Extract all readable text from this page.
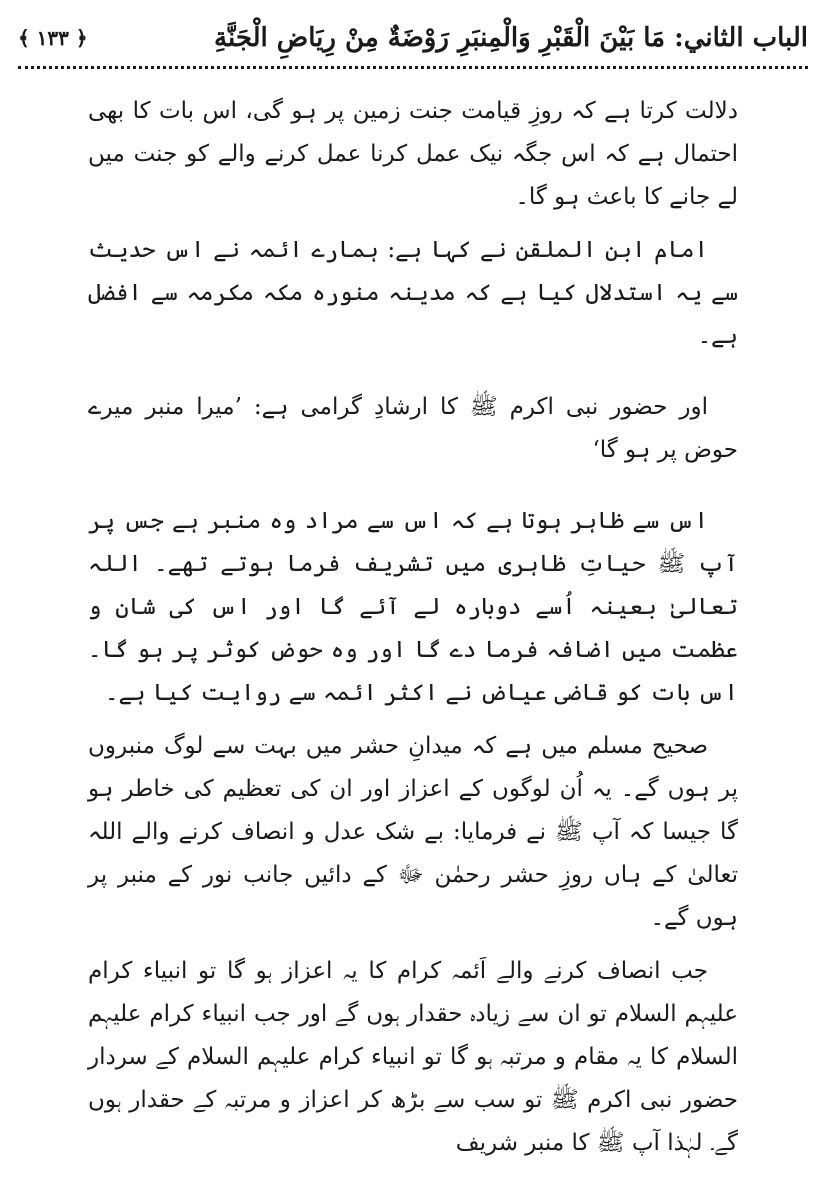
الباب الثاني: مَا بَيْنَ الْقَبْرِ وَالْمِنبَرِ رَوْضَةٌ مِنْ رِيَاضِ الْجَنَّةِ
﴾ ۱۳۳ ﴿

دلالت کرتا ہے کہ روزِ قیامت جنت زمین پر ہو گی، اس بات کا بھی احتمال ہے کہ اس جگہ نیک عمل کرنا عمل کرنے والے کو جنت میں لے جانے کا باعث ہو گا۔

امام ابن الملقن نے کہا ہے: ہمارے ائمہ نے اس حدیث سے یہ استدلال کیا ہے کہ مدینہ منورہ مکہ مکرمہ سے افضل ہے۔

اور حضور نبی اکرم ﷺ کا ارشادِ گرامی ہے: ’میرا منبر میرے حوض پر ہو گا‘

اس سے ظاہر ہوتا ہے کہ اس سے مراد وہ منبر ہے جس پر آپ ﷺ حیاتِ ظاہری میں تشریف فرما ہوتے تھے۔ اللہ تعالیٰ بعینہ اُسے دوبارہ لے آئے گا اور اس کی شان و عظمت میں اضافہ فرما دے گا اور وہ حوض کوثر پر ہو گا۔ اس بات کو قاضی عیاض نے اکثر ائمہ سے روایت کیا ہے۔

صحیح مسلم میں ہے کہ میدانِ حشر میں بہت سے لوگ منبروں پر ہوں گے۔ یہ اُن لوگوں کے اعزاز اور ان کی تعظیم کی خاطر ہو گا جیسا کہ آپ ﷺ نے فرمایا: بے شک عدل و انصاف کرنے والے اللہ تعالیٰ کے ہاں روزِ حشر رحمٰن ﷻ کے دائیں جانب نور کے منبر پر ہوں گے۔

جب انصاف کرنے والے اَئمہ کرام کا یہ اعزاز ہو گا تو انبیاء کرام علیہم السلام تو ان سے زیادہ حقدار ہوں گے اور جب انبیاء کرام علیہم السلام کا یہ مقام و مرتبہ ہو گا تو انبیاء کرام علیہم السلام کے سردار حضور نبی اکرم ﷺ تو سب سے بڑھ کر اعزاز و مرتبہ کے حقدار ہوں گے۔ لہٰذا آپ ﷺ کا منبر شریف
